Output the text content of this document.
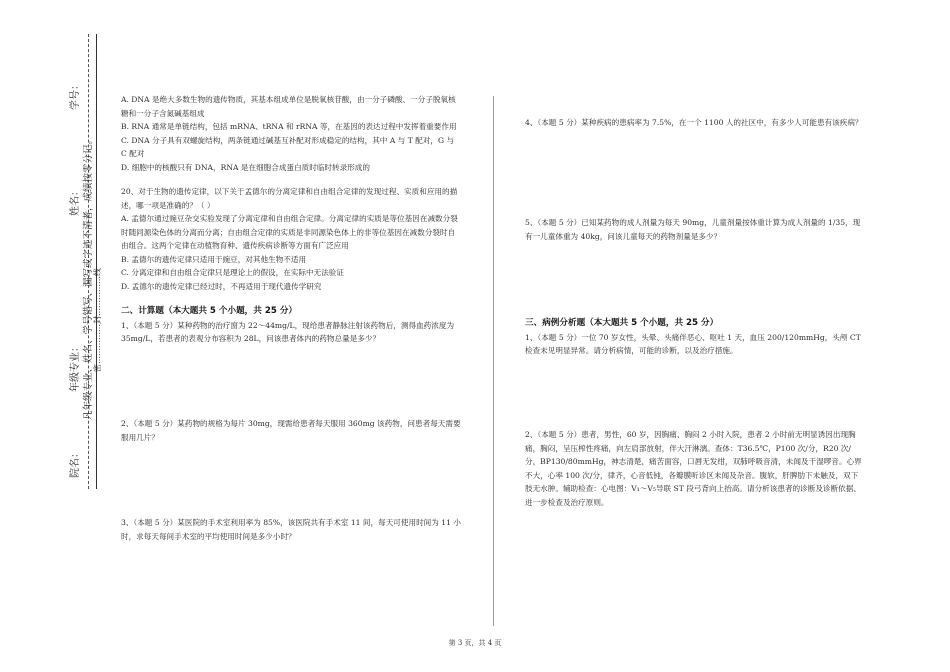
学号：
姓名：
年级专业：
院名：
密……………封……………线
凡年级专业、姓名、学号错写、漏写或字迹不清者，成绩按零分记。

A. DNA 是绝大多数生物的遗传物质，其基本组成单位是脱氧核苷酸，由一分子磷酸、一分子脱氧核糖和一分子含氮碱基组成

B. RNA 通常是单链结构，包括 mRNA、tRNA 和 rRNA 等，在基因的表达过程中发挥着重要作用

C. DNA 分子具有双螺旋结构，两条链通过碱基互补配对形成稳定的结构，其中 A 与 T 配对，G 与 C 配对

D. 细胞中的核酸只有 DNA，RNA 是在细胞合成蛋白质时临时转录形成的

20、对于生物的遗传定律，以下关于孟德尔的分离定律和自由组合定律的发现过程、实质和应用的描述，哪一项是准确的？（ ）

A. 孟德尔通过豌豆杂交实验发现了分离定律和自由组合定律。分离定律的实质是等位基因在减数分裂时随同源染色体的分离而分离；自由组合定律的实质是非同源染色体上的非等位基因在减数分裂时自由组合。这两个定律在动植物育种、遗传疾病诊断等方面有广泛应用

B. 孟德尔的遗传定律只适用于豌豆，对其他生物不适用

C. 分离定律和自由组合定律只是理论上的假设，在实际中无法验证

D. 孟德尔的遗传定律已经过时，不再适用于现代遗传学研究

二、计算题（本大题共 5 个小题，共 25 分）

1、（本题 5 分）某种药物的治疗窗为 22～44mg/L，现给患者静脉注射该药物后，测得血药浓度为 35mg/L，若患者的表观分布容积为 28L，问该患者体内的药物总量是多少？

2、（本题 5 分）某药物的规格为每片 30mg，现需给患者每天服用 360mg 该药物，问患者每天需要服用几片？

3、（本题 5 分）某医院的手术室利用率为 85%，该医院共有手术室 11 间，每天可使用时间为 11 小时，求每天每间手术室的平均使用时间是多少小时？

4、（本题 5 分）某种疾病的患病率为 7.5%，在一个 1100 人的社区中，有多少人可能患有该疾病？

5、（本题 5 分）已知某药物的成人剂量为每天 90mg，儿童剂量按体重计算为成人剂量的 1/35，现有一儿童体重为 40kg，问该儿童每天的药物剂量是多少？

三、病例分析题（本大题共 5 个小题，共 25 分）

1、（本题 5 分）一位 70 岁女性，头晕、头痛伴恶心、呕吐 1 天，血压 200/120mmHg，头颅 CT 检查未见明显异常。请分析病情，可能的诊断，以及治疗措施。

2、（本题 5 分）患者，男性，60 岁，因胸痛、胸闷 2 小时入院，患者 2 小时前无明显诱因出现胸痛，胸闷，呈压榨性疼痛，向左肩部放射，伴大汗淋漓。查体：T36.5℃，P100 次/分，R20 次/分，BP130/80mmHg，神志清楚，痛苦面容，口唇无发绀，双肺呼吸音清，未闻及干湿啰音。心界不大，心率 100 次/分，律齐，心音低钝，各瓣膜听诊区未闻及杂音。腹软，肝脾肋下未触及，双下肢无水肿。辅助检查：心电图：V₁～V₅导联 ST 段弓背向上抬高。请分析该患者的诊断及诊断依据、进一步检查及治疗原则。

第 3 页，共 4 页
